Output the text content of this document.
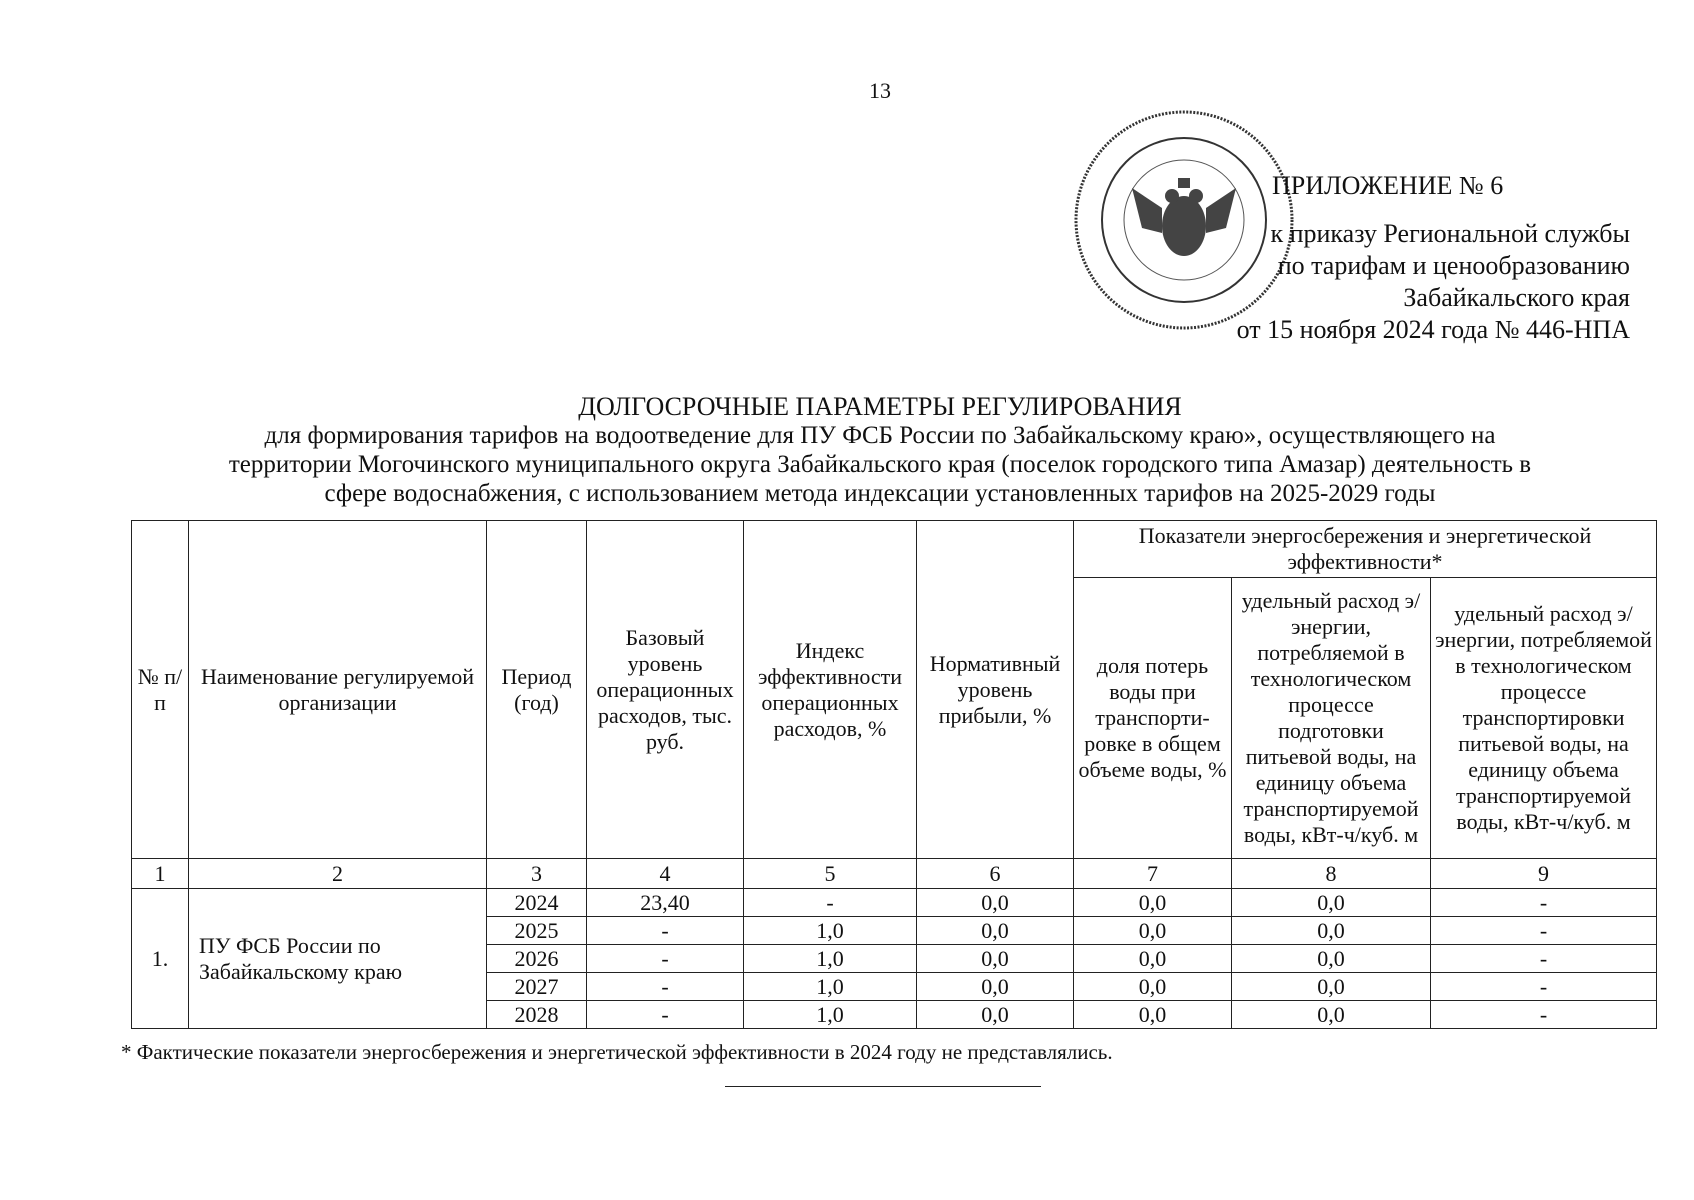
13
ПРИЛОЖЕНИЕ № 6
к приказу Региональной службы
по тарифам и ценообразованию
Забайкальского края
от 15 ноября 2024 года № 446-НПА
ДОЛГОСРОЧНЫЕ ПАРАМЕТРЫ РЕГУЛИРОВАНИЯ
для формирования тарифов на водоотведение для ПУ ФСБ России по Забайкальскому краю», осуществляющего на
территории Могочинского муниципального округа Забайкальского края (поселок городского типа Амазар) деятельность в
сфере водоснабжения, с использованием метода индексации установленных тарифов на 2025-2029 годы
№ п/п	Наименование регулируемой организации	Период (год)	Базовый уровень операционных расходов, тыс. руб.	Индекс эффективности операционных расходов, %	Нормативный уровень прибыли, %	Показатели энергосбережения и энергетической эффективности*		
						доля потерь воды при транспорти-ровке в общем объеме воды, %	удельный расход э/энергии, потребляемой в технологическом процессе подготовки питьевой воды, на единицу объема транспортируемой воды, кВт-ч/куб. м	удельный расход э/энергии, потребляемой в технологическом процессе транспортировки питьевой воды, на единицу объема транспортируемой воды, кВт-ч/куб. м
1	2	3	4	5	6	7	8	9
1.	ПУ ФСБ России по Забайкальскому краю	2024	23,40	-	0,0	0,0	0,0	-
		2025	-	1,0	0,0	0,0	0,0	-
		2026	-	1,0	0,0	0,0	0,0	-
		2027	-	1,0	0,0	0,0	0,0	-
		2028	-	1,0	0,0	0,0	0,0	-
* Фактические показатели энергосбережения и энергетической эффективности в 2024 году не представлялись.
